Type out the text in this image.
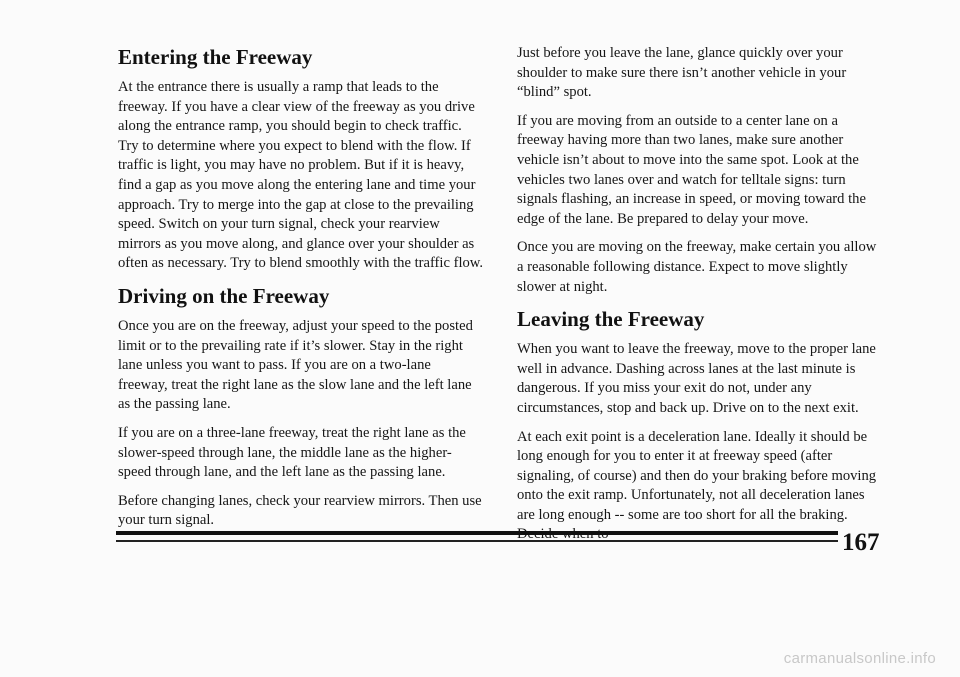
Entering the Freeway

At the entrance there is usually a ramp that leads to the freeway. If you have a clear view of the freeway as you drive along the entrance ramp, you should begin to check traffic. Try to determine where you expect to blend with the flow. If traffic is light, you may have no problem. But if it is heavy, find a gap as you move along the entering lane and time your approach. Try to merge into the gap at close to the prevailing speed. Switch on your turn signal, check your rearview mirrors as you move along, and glance over your shoulder as often as necessary. Try to blend smoothly with the traffic flow.

Driving on the Freeway

Once you are on the freeway, adjust your speed to the posted limit or to the prevailing rate if it’s slower. Stay in the right lane unless you want to pass. If you are on a two-lane freeway, treat the right lane as the slow lane and the left lane as the passing lane.

If you are on a three-lane freeway, treat the right lane as the slower-speed through lane, the middle lane as the higher-speed through lane, and the left lane as the passing lane.

Before changing lanes, check your rearview mirrors. Then use your turn signal.

Just before you leave the lane, glance quickly over your shoulder to make sure there isn’t another vehicle in your “blind” spot.

If you are moving from an outside to a center lane on a freeway having more than two lanes, make sure another vehicle isn’t about to move into the same spot. Look at the vehicles two lanes over and watch for telltale signs: turn signals flashing, an increase in speed, or moving toward the edge of the lane. Be prepared to delay your move.

Once you are moving on the freeway, make certain you allow a reasonable following distance. Expect to move slightly slower at night.

Leaving the Freeway

When you want to leave the freeway, move to the proper lane well in advance. Dashing across lanes at the last minute is dangerous. If you miss your exit do not, under any circumstances, stop and back up. Drive on to the next exit.

At each exit point is a deceleration lane. Ideally it should be long enough for you to enter it at freeway speed (after signaling, of course) and then do your braking before moving onto the exit ramp. Unfortunately, not all deceleration lanes are long enough -- some are too short for all the braking.

167
carmanualsonline.info
